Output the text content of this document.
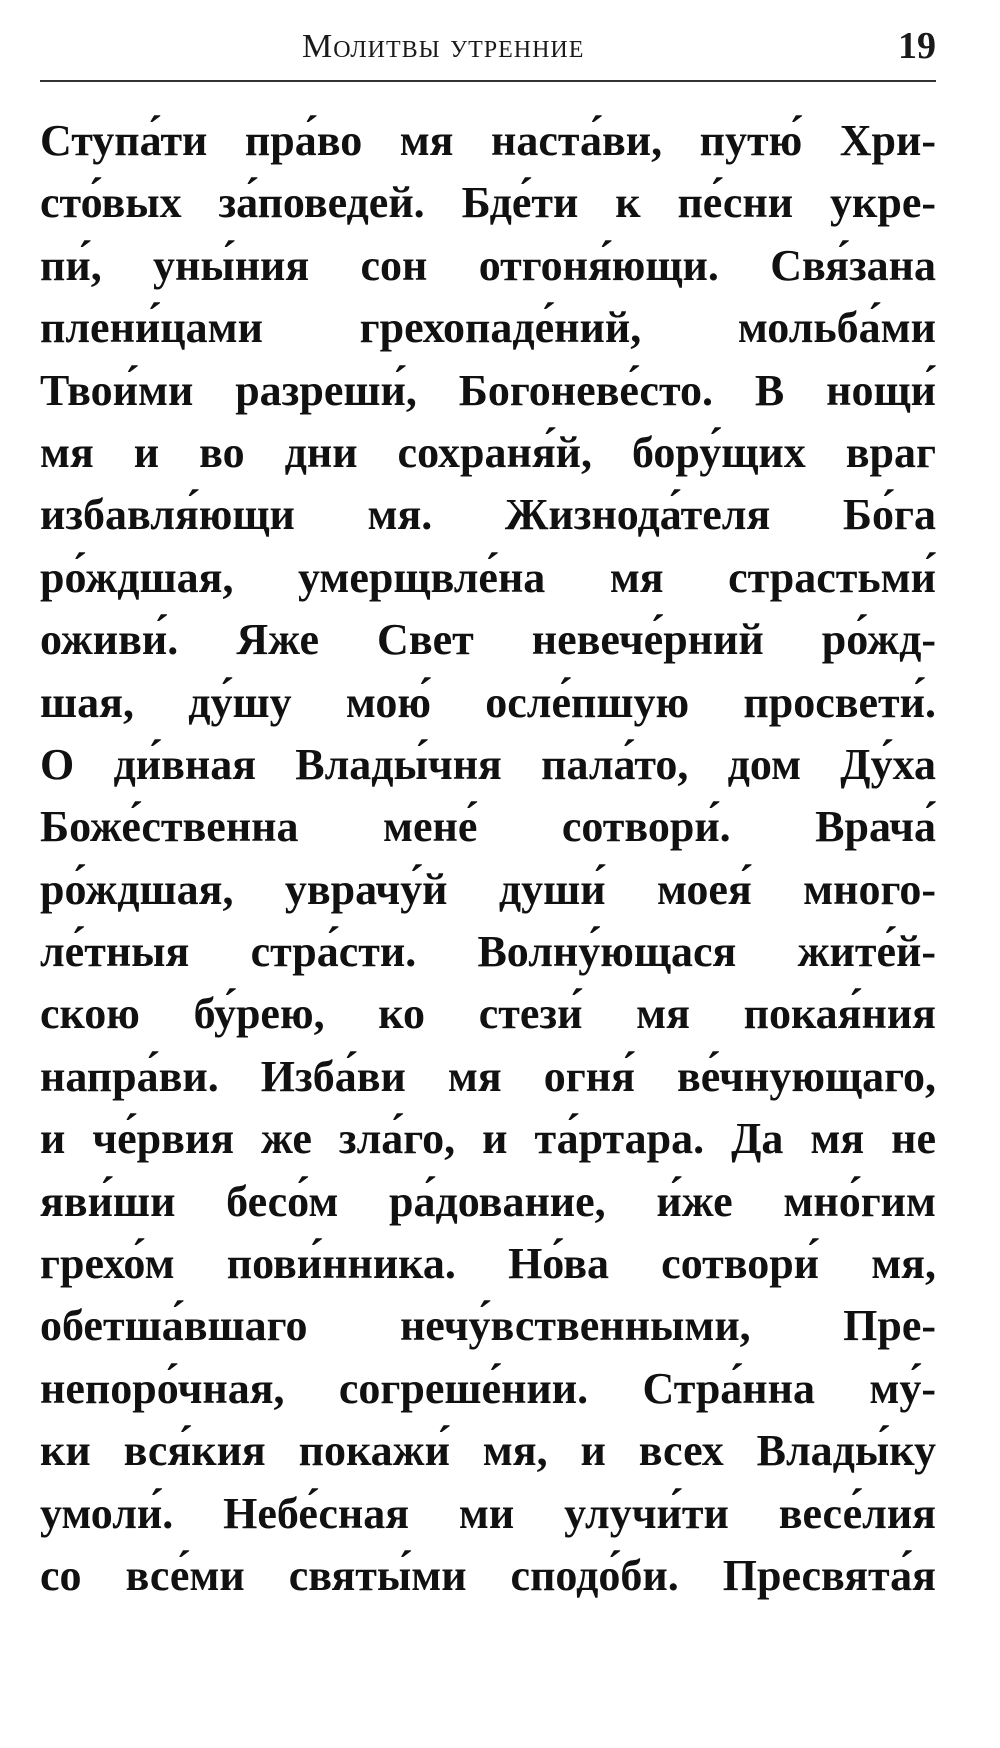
Молитвы утренние	19
Ступа́ти пра́во мя наста́ви, путю́ Хри-
сто́вых за́поведей. Бде́ти к пе́сни укре-
пи́, уны́ния сон отгоня́ющи. Свя́зана
плени́цами грехопаде́ний, мольба́ми
Твои́ми разреши́, Богоневе́сто. В нощи́
мя и во дни сохраня́й, бору́щих враг
избавля́ющи мя. Жизнода́теля Бо́га
ро́ждшая, умерщвле́на мя страстьми́
оживи́. Яже Свет невече́рний ро́жд-
шая, ду́шу мою́ осле́пшую просвети́.
О ди́вная Влады́чня пала́то, дом Ду́ха
Боже́ственна мене́ сотвори́. Врача́
ро́ждшая, уврачу́й души́ моея́ много-
ле́тныя стра́сти. Волну́ющася жите́й-
скою бу́рею, ко стези́ мя покая́ния
напра́ви. Изба́ви мя огня́ ве́чнующаго,
и че́рвия же зла́го, и та́ртара. Да мя не
яви́ши бесо́м ра́дование, и́же мно́гим
грехо́м пови́нника. Но́ва сотвори́ мя,
обетша́вшаго нечу́вственными, Пре-
непоро́чная, согреше́нии. Стра́нна му́-
ки вся́кия покажи́ мя, и всех Влады́ку
умоли́. Небе́сная ми улучи́ти весе́лия
со все́ми святы́ми сподо́би. Пресвята́я
